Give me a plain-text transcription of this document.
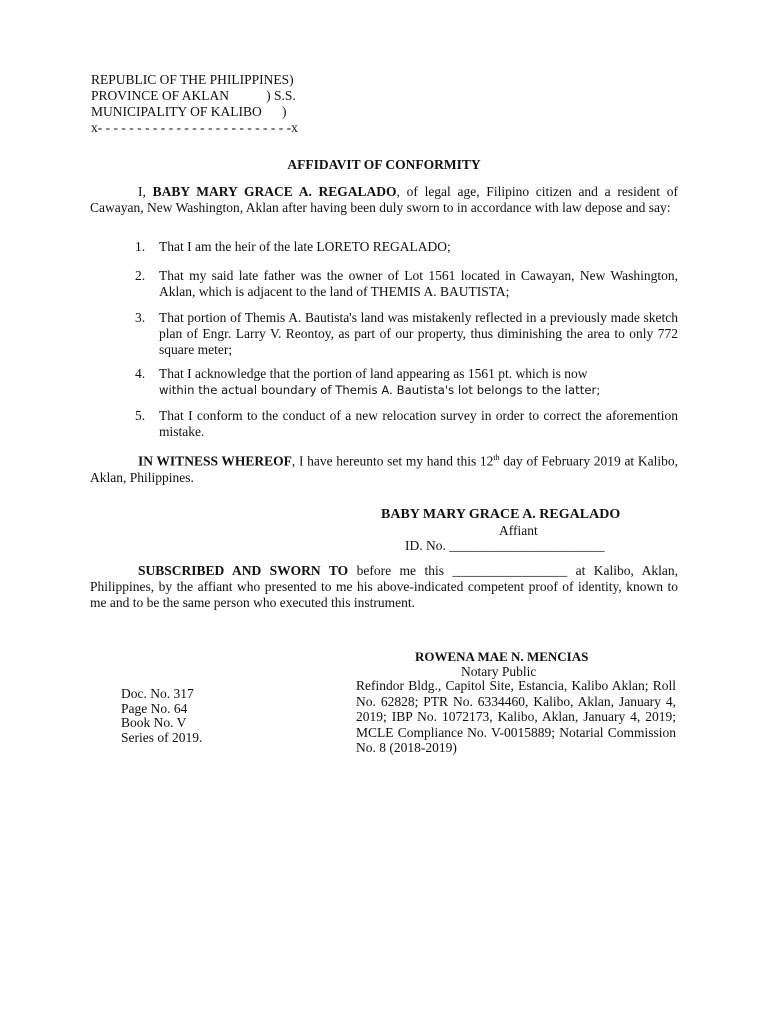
REPUBLIC OF THE PHILIPPINES)
PROVINCE OF AKLAN           ) S.S.
MUNICIPALITY OF KALIBO      )
x- - - - - - - - - - - - - - - - - - - - - - - - -x
AFFIDAVIT OF CONFORMITY
I, BABY MARY GRACE A. REGALADO, of legal age, Filipino citizen and a resident of Cawayan, New Washington, Aklan after having been duly sworn to in accordance with law depose and say:
1. That I am the heir of the late LORETO REGALADO;
2. That my said late father was the owner of Lot 1561 located in Cawayan, New Washington, Aklan, which is adjacent to the land of THEMIS A. BAUTISTA;
3. That portion of Themis A. Bautista's land was mistakenly reflected in a previously made sketch plan of Engr. Larry V. Reontoy, as part of our property, thus diminishing the area to only 772 square meter;
4. That I acknowledge that the portion of land appearing as 1561 pt. which is now
within the actual boundary of Themis A. Bautista's lot belongs to the latter;
5. That I conform to the conduct of a new relocation survey in order to correct the aforemention mistake.
IN WITNESS WHEREOF, I have hereunto set my hand this 12th day of February 2019 at Kalibo, Aklan, Philippines.
BABY MARY GRACE A. REGALADO
Affiant
ID. No. _______________________
SUBSCRIBED AND SWORN TO before me this _________________ at Kalibo, Aklan, Philippines, by the affiant who presented to me his above-indicated competent proof of identity, known to me and to be the same person who executed this instrument.
ROWENA MAE N. MENCIAS
Notary Public
Refindor Bldg., Capitol Site, Estancia, Kalibo Aklan; Roll No. 62828; PTR No. 6334460, Kalibo, Aklan, January 4, 2019; IBP No. 1072173, Kalibo, Aklan, January 4, 2019; MCLE Compliance No. V-0015889; Notarial Commission No. 8 (2018-2019)
Doc. No. 317
Page No. 64
Book No. V
Series of 2019.
